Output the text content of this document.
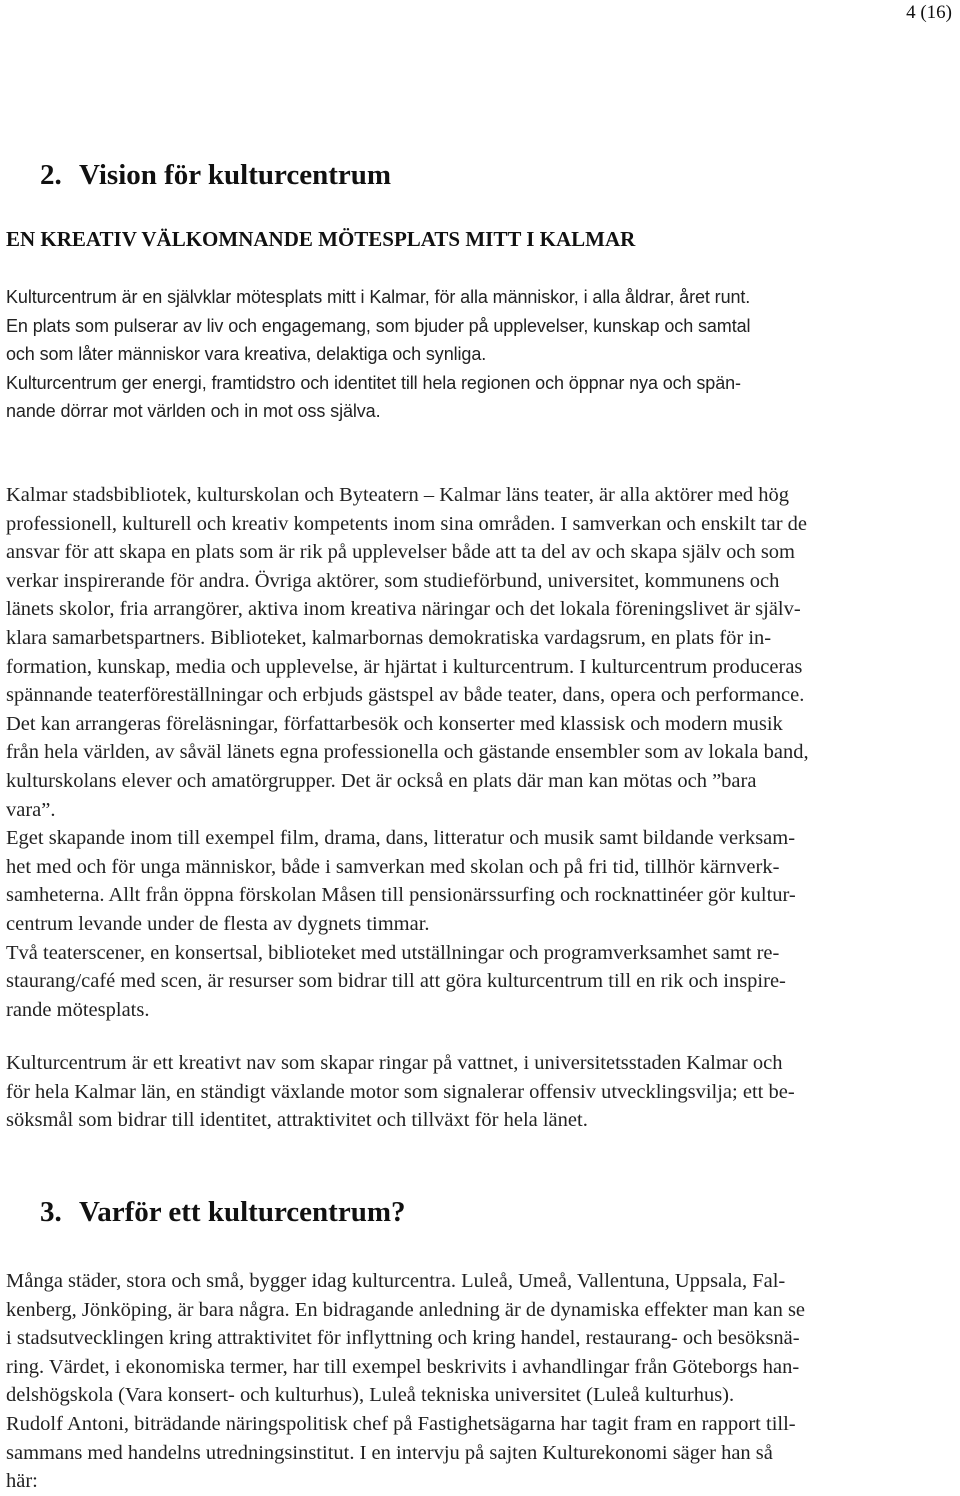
4 (16)
2. Vision för kulturcentrum
EN KREATIV VÄLKOMNANDE MÖTESPLATS MITT I KALMAR
Kulturcentrum är en självklar mötesplats mitt i Kalmar, för alla människor, i alla åldrar, året runt.
En plats som pulserar av liv och engagemang, som bjuder på upplevelser, kunskap och samtal
och som låter människor vara kreativa, delaktiga och synliga.
Kulturcentrum ger energi, framtidstro och identitet till hela regionen och öppnar nya och spän-
nande dörrar mot världen och in mot oss själva.
Kalmar stadsbibliotek, kulturskolan och Byteatern – Kalmar läns teater, är alla aktörer med hög
professionell, kulturell och kreativ kompetents inom sina områden. I samverkan och enskilt tar de
ansvar för att skapa en plats som är rik på upplevelser både att ta del av och skapa själv och som
verkar inspirerande för andra. Övriga aktörer, som studieförbund, universitet, kommunens och
länets skolor, fria arrangörer, aktiva inom kreativa näringar och det lokala föreningslivet är själv-
klara samarbetspartners. Biblioteket, kalmarbornas demokratiska vardagsrum, en plats för in-
formation, kunskap, media och upplevelse, är hjärtat i kulturcentrum. I kulturcentrum produceras
spännande teaterföreställningar och erbjuds gästspel av både teater, dans, opera och performance.
Det kan arrangeras föreläsningar, författarbesök och konserter med klassisk och modern musik
från hela världen, av såväl länets egna professionella och gästande ensembler som av lokala band,
kulturskolans elever och amatörgrupper. Det är också en plats där man kan mötas och ”bara
vara”.
Eget skapande inom till exempel film, drama, dans, litteratur och musik samt bildande verksam-
het med och för unga människor, både i samverkan med skolan och på fri tid, tillhör kärnverk-
samheterna. Allt från öppna förskolan Måsen till pensionärssurfing och rocknattinéer gör kultur-
centrum levande under de flesta av dygnets timmar.
Två teaterscener, en konsertsal, biblioteket med utställningar och programverksamhet samt re-
staurang/café med scen, är resurser som bidrar till att göra kulturcentrum till en rik och inspire-
rande mötesplats.
Kulturcentrum är ett kreativt nav som skapar ringar på vattnet, i universitetsstaden Kalmar och
för hela Kalmar län, en ständigt växlande motor som signalerar offensiv utvecklingsvilja; ett be-
söksmål som bidrar till identitet, attraktivitet och tillväxt för hela länet.
3. Varför ett kulturcentrum?
Många städer, stora och små, bygger idag kulturcentra. Luleå, Umeå, Vallentuna, Uppsala, Fal-
kenberg, Jönköping, är bara några. En bidragande anledning är de dynamiska effekter man kan se
i stadsutvecklingen kring attraktivitet för inflyttning och kring handel, restaurang- och besöksnä-
ring. Värdet, i ekonomiska termer, har till exempel beskrivits i avhandlingar från Göteborgs han-
delshögskola (Vara konsert- och kulturhus), Luleå tekniska universitet (Luleå kulturhus).
Rudolf Antoni, biträdande näringspolitisk chef på Fastighetsägarna har tagit fram en rapport till-
sammans med handelns utredningsinstitut. I en intervju på sajten Kulturekonomi säger han så
här:
